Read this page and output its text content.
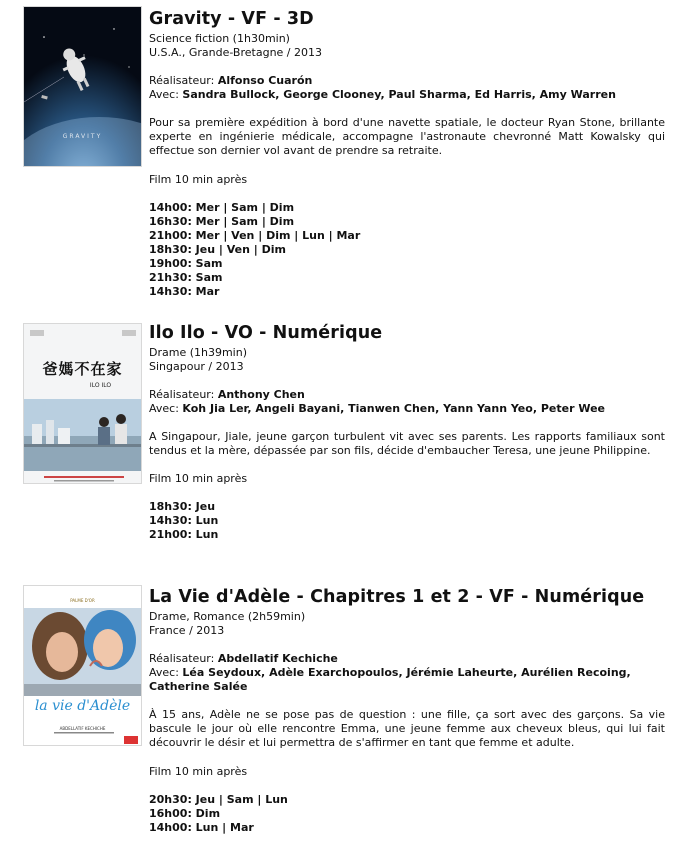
GRAVITY
Gravity - VF - 3D
Science fiction (1h30min)
U.S.A., Grande-Bretagne / 2013
Réalisateur: Alfonso Cuarón
Avec: Sandra Bullock, George Clooney, Paul Sharma, Ed Harris, Amy Warren
Pour sa première expédition à bord d'une navette spatiale, le docteur Ryan Stone, brillante experte en ingénierie médicale, accompagne l'astronaute chevronné Matt Kowalsky qui effectue son dernier vol avant de prendre sa retraite.
Film 10 min après
14h00: Mer | Sam | Dim
16h30: Mer | Sam | Dim
21h00: Mer | Ven | Dim | Lun | Mar
18h30: Jeu | Ven | Dim
19h00: Sam
21h30: Sam
14h30: Mar
爸媽不在家
ILO ILO
Ilo Ilo - VO - Numérique
Drame (1h39min)
Singapour / 2013
Réalisateur: Anthony Chen
Avec: Koh Jia Ler, Angeli Bayani, Tianwen Chen, Yann Yann Yeo, Peter Wee
A Singapour, Jiale, jeune garçon turbulent vit avec ses parents. Les rapports familiaux sont tendus et la mère, dépassée par son fils, décide d'embaucher Teresa, une jeune Philippine.
Film 10 min après
18h30: Jeu
14h30: Lun
21h00: Lun
PALME D'OR
la vie d'Adèle
ABDELLATIF KECHICHE
La Vie d'Adèle - Chapitres 1 et 2 - VF - Numérique
Drame, Romance (2h59min)
France / 2013
Réalisateur: Abdellatif Kechiche
Avec: Léa Seydoux, Adèle Exarchopoulos, Jérémie Laheurte, Aurélien Recoing, Catherine Salée
À 15 ans, Adèle ne se pose pas de question : une fille, ça sort avec des garçons. Sa vie bascule le jour où elle rencontre Emma, une jeune femme aux cheveux bleus, qui lui fait découvrir le désir et lui permettra de s'affirmer en tant que femme et adulte.
Film 10 min après
20h30: Jeu | Sam | Lun
16h00: Dim
14h00: Lun | Mar
